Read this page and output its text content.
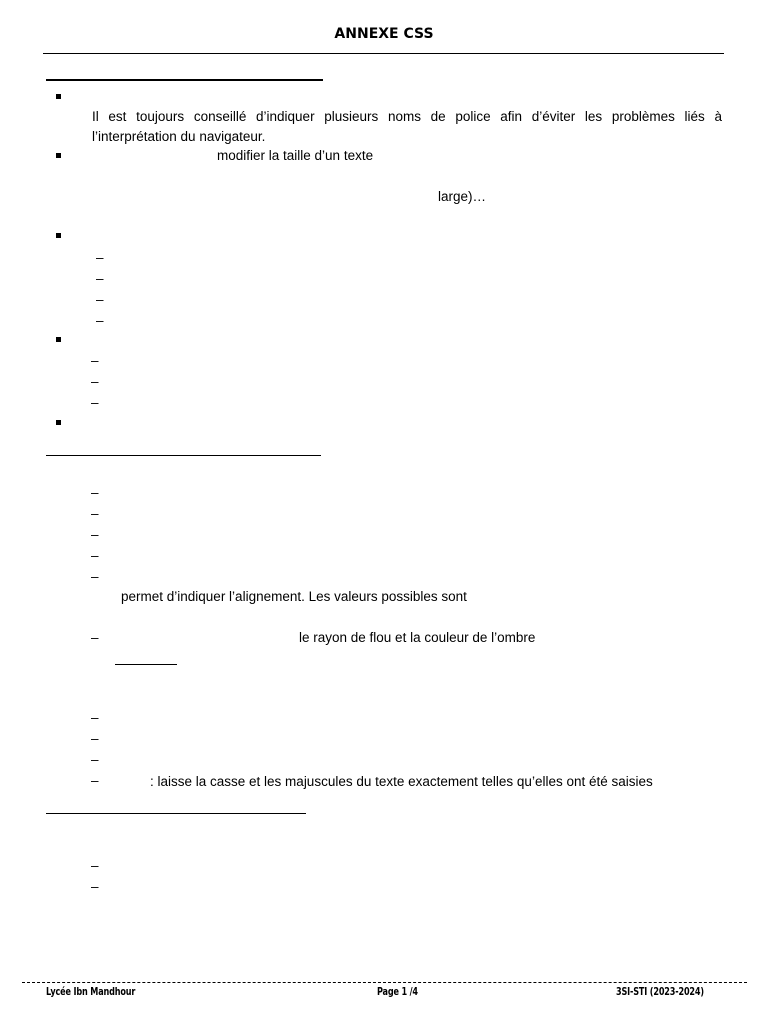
ANNEXE CSS
Il est toujours conseillé d’indiquer plusieurs noms de police afin d’éviter les problèmes liés à l’interprétation du navigateur.
modifier la taille d’un texte
large)…
–
–
–
–
–
–
–
–
–
–
–
–
permet d’indiquer l’alignement. Les valeurs possibles sont
–	le rayon de flou et la couleur de l’ombre
–
–
–
–	: laisse la casse et les majuscules du texte exactement telles qu’elles ont été saisies
–
–
Lycée Ibn Mandhour	Page 1 /4	3SI-STI (2023-2024)
